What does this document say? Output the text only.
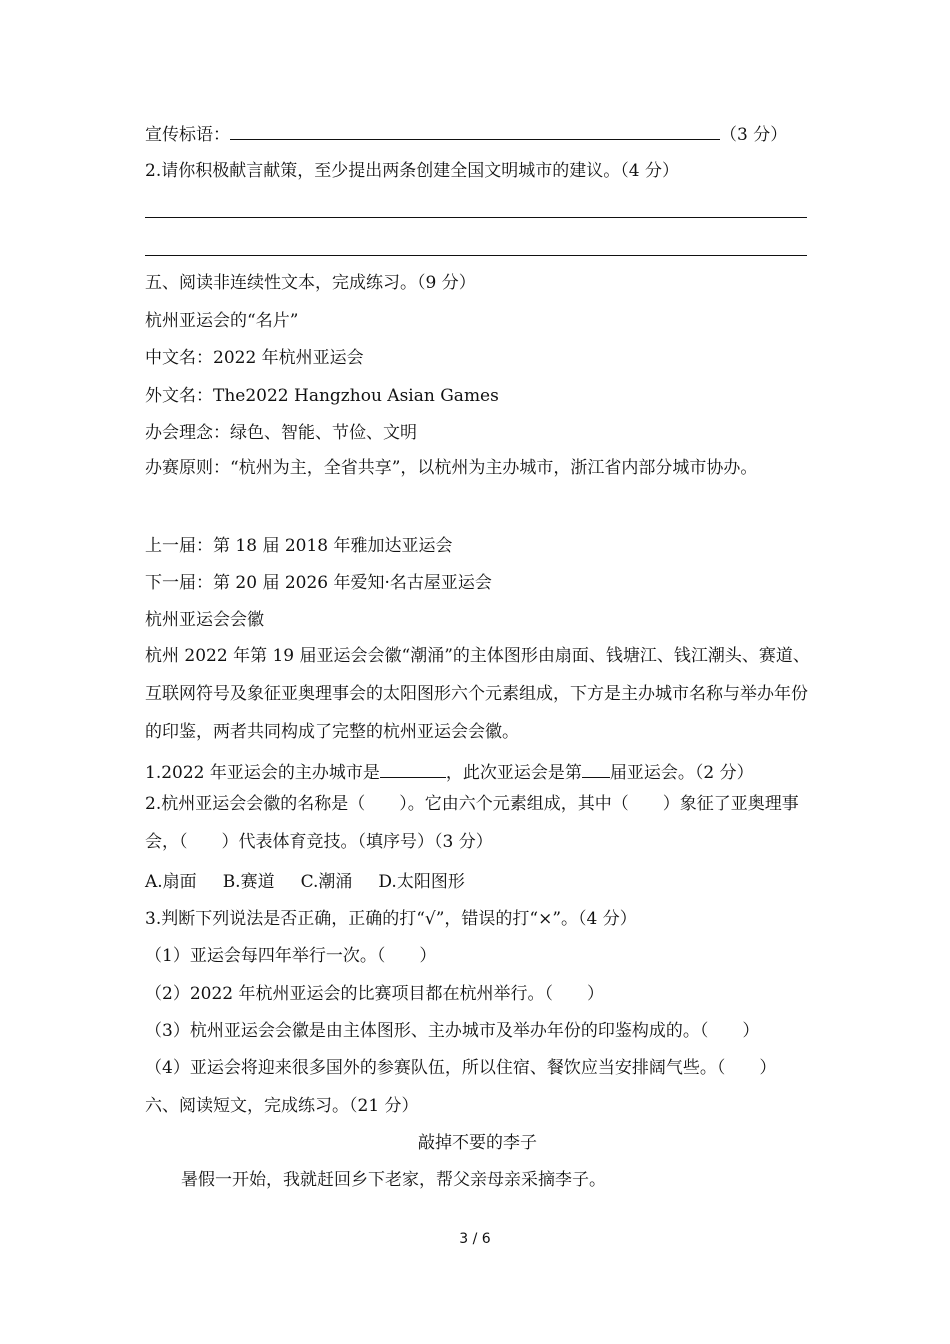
宣传标语：	（3 分）
2.请你积极献言献策，至少提出两条创建全国文明城市的建议。（4 分）
五、阅读非连续性文本，完成练习。（9 分）
杭州亚运会的“名片”
中文名：2022 年杭州亚运会
外文名：The2022 Hangzhou Asian Games
办会理念：绿色、智能、节俭、文明
办赛原则：“杭州为主，全省共享”，以杭州为主办城市，浙江省内部分城市协办。
上一届：第 18 届 2018 年雅加达亚运会
下一届：第 20 届 2026 年爱知·名古屋亚运会
杭州亚运会会徽
杭州 2022 年第 19 届亚运会会徽“潮涌”的主体图形由扇面、钱塘江、钱江潮头、赛道、互联网符号及象征亚奥理事会的太阳图形六个元素组成，下方是主办城市名称与举办年份的印鉴，两者共同构成了完整的杭州亚运会会徽。
1.2022 年亚运会的主办城市是	，此次亚运会是第 届亚运会。（2 分）
2.杭州亚运会会徽的名称是（　　）。它由六个元素组成，其中（　　）象征了亚奥理事会，（　　）代表体育竞技。（填序号）（3 分）
A.扇面 B.赛道 C.潮涌 D.太阳图形
3.判断下列说法是否正确，正确的打“√”，错误的打“×”。（4 分）
（1）亚运会每四年举行一次。（　　）
（2）2022 年杭州亚运会的比赛项目都在杭州举行。（　　）
（3）杭州亚运会会徽是由主体图形、主办城市及举办年份的印鉴构成的。（　　）
（4）亚运会将迎来很多国外的参赛队伍，所以住宿、餐饮应当安排阔气些。（　　）
六、阅读短文，完成练习。（21 分）
敲掉不要的李子
暑假一开始，我就赶回乡下老家，帮父亲母亲采摘李子。
3 / 6
